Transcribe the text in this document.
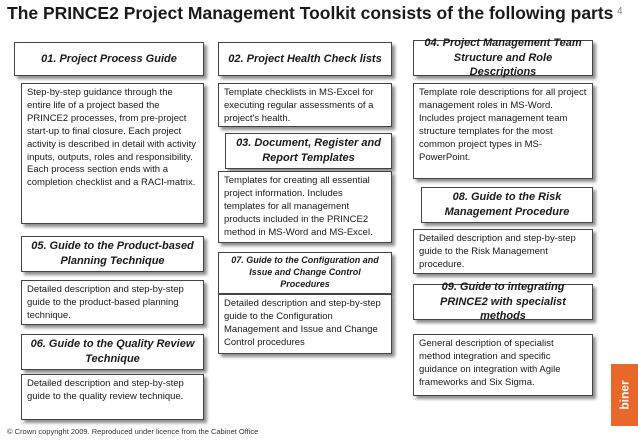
The PRINCE2 Project Management Toolkit consists of the following parts 4
01. Project Process Guide
Step-by-step guidance through the entire life of a project based the PRINCE2 processes, from pre-project start-up to final closure. Each project activity is described in detail with activity inputs, outputs, roles and responsibility. Each process section ends with a completion checklist and a RACI-matrix.
02. Project Health Check lists
Template checklists in MS-Excel for executing regular assessments of a project's health.
03. Document, Register and Report Templates
Templates for creating all essential project information. Includes templates for all management products included in the PRINCE2 method in MS-Word and MS-Excel.
04. Project Management Team Structure and Role Descriptions
Template role descriptions for all project management roles in MS-Word. Includes project management team structure templates for the most common project types in MS-PowerPoint.
05. Guide to the Product-based Planning Technique
Detailed description and step-by-step guide to the product-based planning technique.
06. Guide to the Quality Review Technique
Detailed description and step-by-step guide to the quality review technique.
07. Guide to the Configuration and Issue and Change Control Procedures
Detailed description and step-by-step guide to the Configuration Management and Issue and Change Control procedures
08. Guide to the Risk Management Procedure
Detailed description and step-by-step guide to the Risk Management procedure.
09. Guide to integrating PRINCE2 with specialist methods
General description of specialist method integration and specific guidance on integration with Agile frameworks and Six Sigma.
© Crown copyright 2009. Reproduced under licence from the Cabinet Office
biner
